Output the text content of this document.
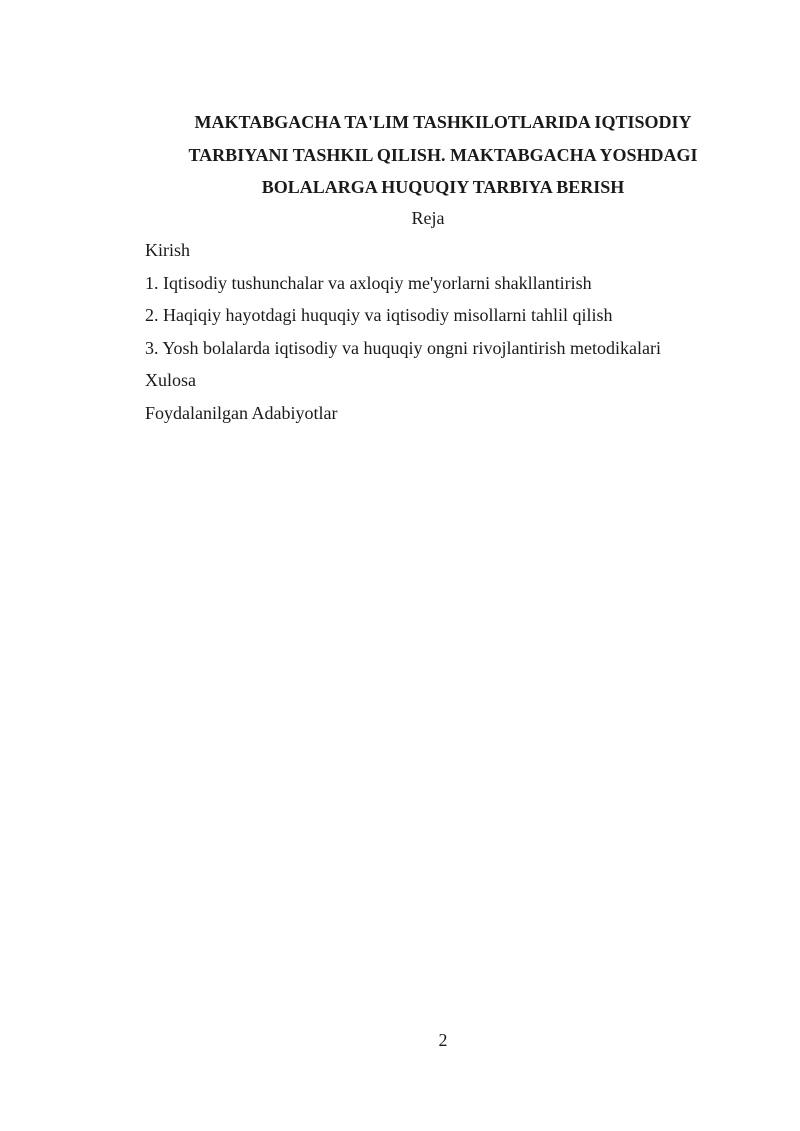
MAKTABGACHA TA'LIM TASHKILOTLARIDA IQTISODIY
TARBIYANI TASHKIL QILISH. MAKTABGACHA YOSHDAGI
BOLALARGA HUQUQIY TARBIYA BERISH
Reja
Kirish
1. Iqtisodiy tushunchalar va axloqiy me'yorlarni shakllantirish
2. Haqiqiy hayotdagi huquqiy va iqtisodiy misollarni tahlil qilish
3. Yosh bolalarda iqtisodiy va huquqiy ongni rivojlantirish metodikalari
Xulosa
Foydalanilgan Adabiyotlar
2
